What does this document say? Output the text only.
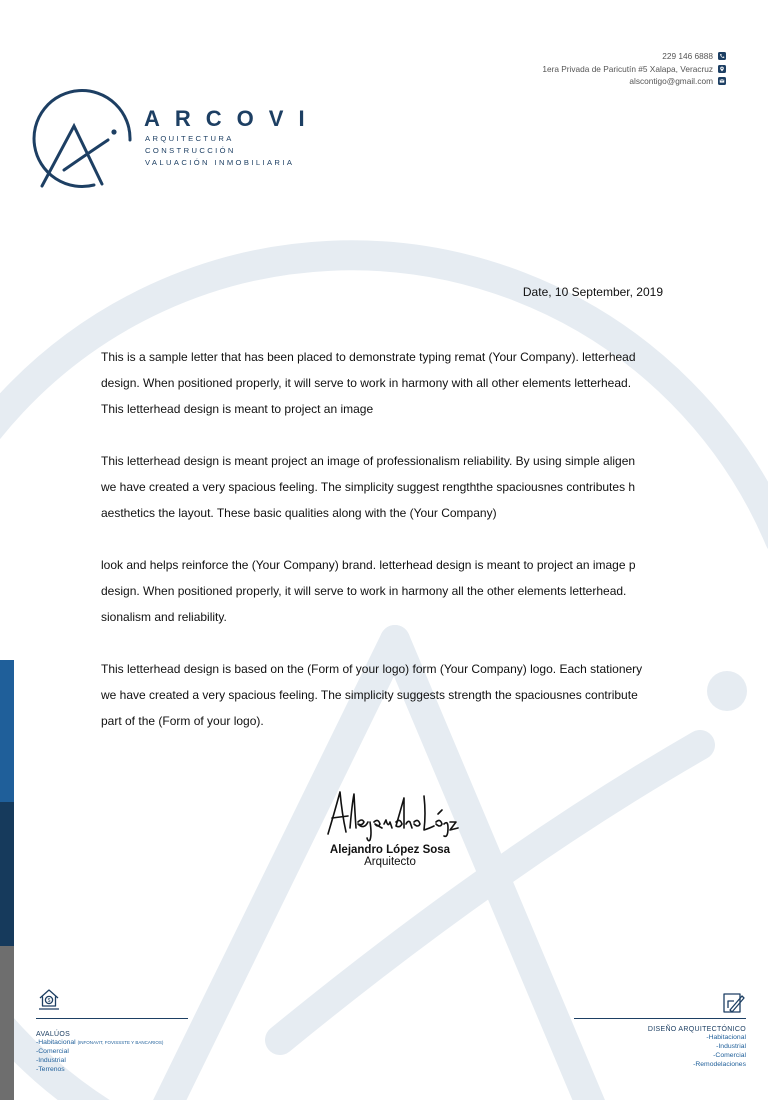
229 146 6888
1era Privada de Paricutín #5 Xalapa, Veracruz
alscontigo@gmail.com
ARCOVI
ARQUITECTURA
CONSTRUCCIÓN
VALUACIÓN INMOBILIARIA
Date, 10 September, 2019
This is a sample letter that has been placed to demonstrate typing remat (Your Company). letterhead
design. When positioned properly, it will serve to work in harmony with all other elements letterhead.
This letterhead design is meant to project an image
This letterhead design is meant project an image of professionalism reliability. By using simple aligen
we have created a very spacious feeling. The simplicity suggest rengththe spaciousnes contributes h
aesthetics the layout. These basic qualities along with the (Your Company)
look and helps reinforce the (Your Company) brand. letterhead design is meant to project an image p
design. When positioned properly, it will serve to work in harmony all the other elements letterhead.
sionalism and reliability.
This letterhead design is based on the (Form of your logo) form (Your Company) logo. Each stationery
we have created a very spacious feeling. The simplicity suggests strength the spaciousnes contribute
part of the (Form of your logo).
Alejandro López Sosa
Arquitecto
$
AVALÚOS
-Habitacional (INFONAVIT, FOVISSSTE Y BANCARIOS)
-Comercial
-Industrial
-Terrenos
DISEÑO ARQUITECTÓNICO
-Habitacional
-Industrial
-Comercial
-Remodelaciones
